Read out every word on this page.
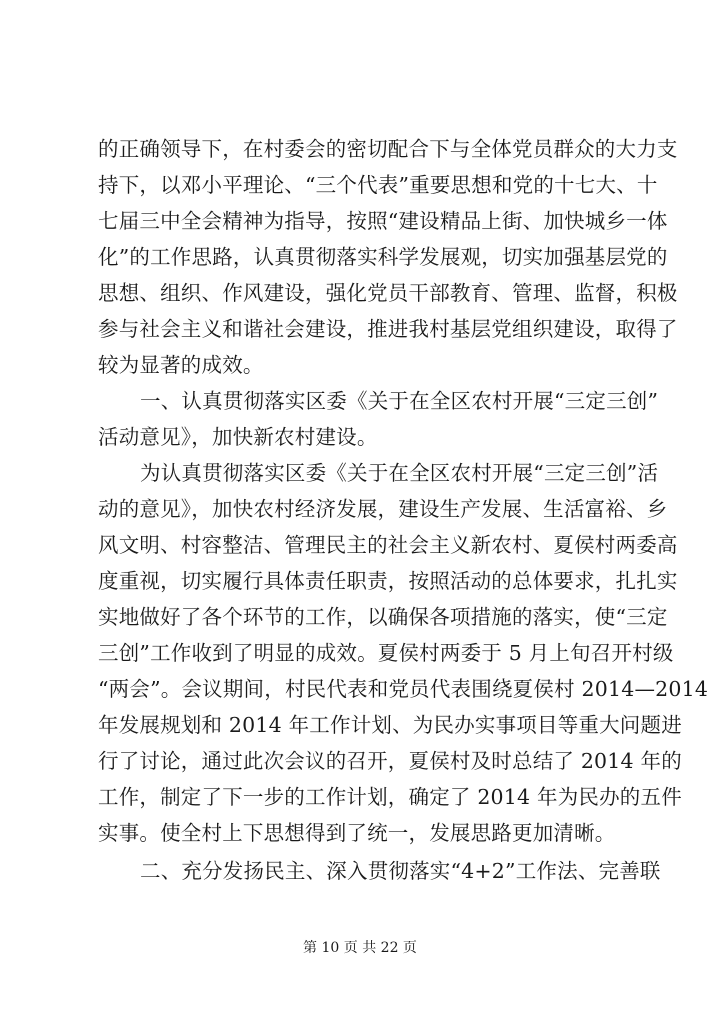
的正确领导下，在村委会的密切配合下与全体党员群众的大力支
持下，以邓小平理论、“三个代表”重要思想和党的十七大、十
七届三中全会精神为指导，按照“建设精品上街、加快城乡一体
化”的工作思路，认真贯彻落实科学发展观，切实加强基层党的
思想、组织、作风建设，强化党员干部教育、管理、监督，积极
参与社会主义和谐社会建设，推进我村基层党组织建设，取得了
较为显著的成效。
一、认真贯彻落实区委《关于在全区农村开展“三定三创”
活动意见》，加快新农村建设。
为认真贯彻落实区委《关于在全区农村开展“三定三创”活
动的意见》，加快农村经济发展，建设生产发展、生活富裕、乡
风文明、村容整洁、管理民主的社会主义新农村、夏侯村两委高
度重视，切实履行具体责任职责，按照活动的总体要求，扎扎实
实地做好了各个环节的工作，以确保各项措施的落实，使“三定
三创”工作收到了明显的成效。夏侯村两委于 5 月上旬召开村级
“两会”。会议期间，村民代表和党员代表围绕夏侯村 2014—2014
年发展规划和 2014 年工作计划、为民办实事项目等重大问题进
行了讨论，通过此次会议的召开，夏侯村及时总结了 2014 年的
工作，制定了下一步的工作计划，确定了 2014 年为民办的五件
实事。使全村上下思想得到了统一，发展思路更加清晰。
二、充分发扬民主、深入贯彻落实“4+2”工作法、完善联
第 10 页 共 22 页
